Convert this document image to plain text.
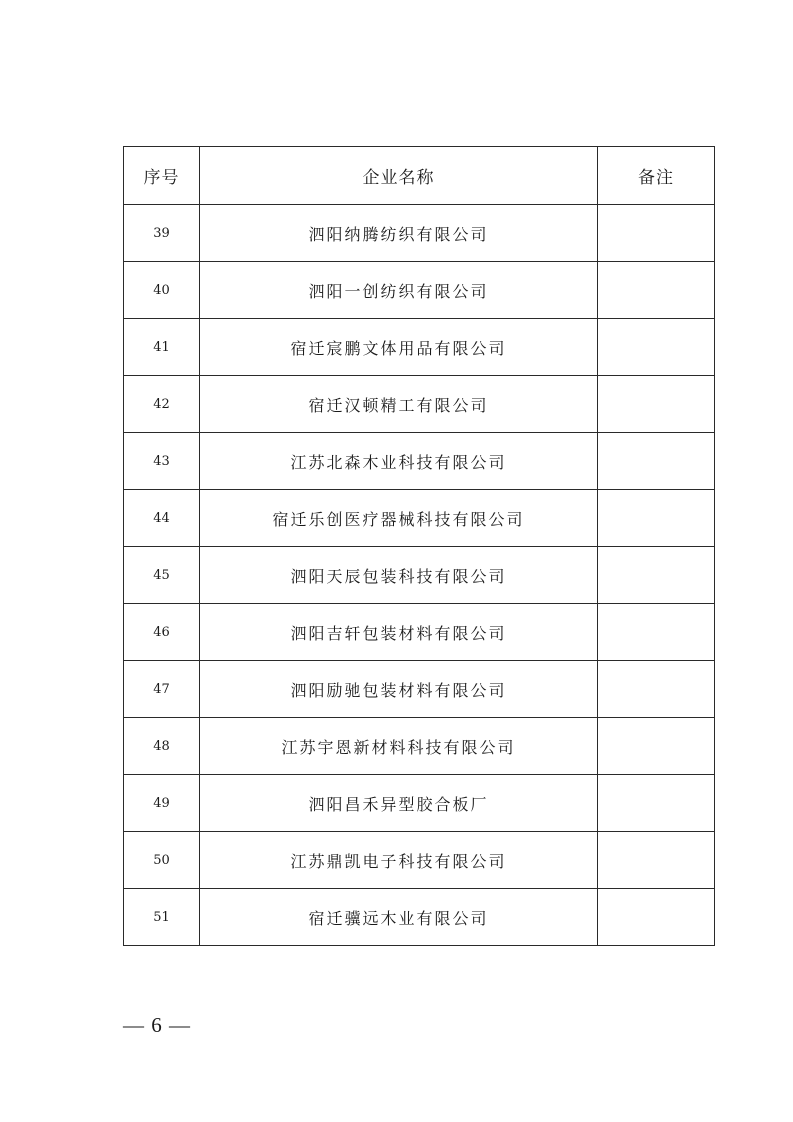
序号	企业名称	备注
39	泗阳纳腾纺织有限公司	
40	泗阳一创纺织有限公司	
41	宿迁宸鹏文体用品有限公司	
42	宿迁汉顿精工有限公司	
43	江苏北森木业科技有限公司	
44	宿迁乐创医疗器械科技有限公司	
45	泗阳天辰包装科技有限公司	
46	泗阳吉轩包装材料有限公司	
47	泗阳励驰包装材料有限公司	
48	江苏宇恩新材料科技有限公司	
49	泗阳昌禾异型胶合板厂	
50	江苏鼎凯电子科技有限公司	
51	宿迁骥远木业有限公司	
— 6 —
